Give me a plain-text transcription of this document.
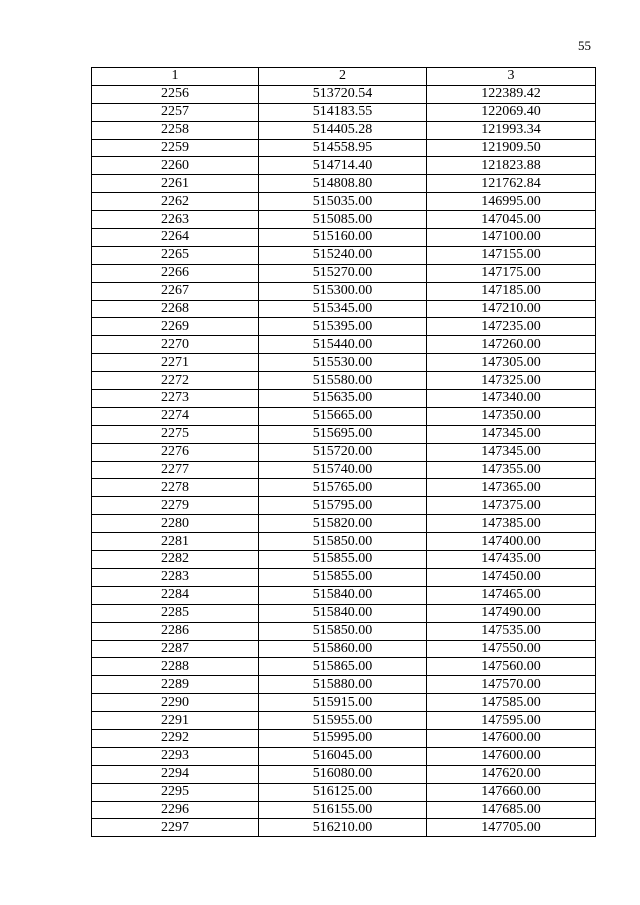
55
1	2	3
2256	513720.54	122389.42
2257	514183.55	122069.40
2258	514405.28	121993.34
2259	514558.95	121909.50
2260	514714.40	121823.88
2261	514808.80	121762.84
2262	515035.00	146995.00
2263	515085.00	147045.00
2264	515160.00	147100.00
2265	515240.00	147155.00
2266	515270.00	147175.00
2267	515300.00	147185.00
2268	515345.00	147210.00
2269	515395.00	147235.00
2270	515440.00	147260.00
2271	515530.00	147305.00
2272	515580.00	147325.00
2273	515635.00	147340.00
2274	515665.00	147350.00
2275	515695.00	147345.00
2276	515720.00	147345.00
2277	515740.00	147355.00
2278	515765.00	147365.00
2279	515795.00	147375.00
2280	515820.00	147385.00
2281	515850.00	147400.00
2282	515855.00	147435.00
2283	515855.00	147450.00
2284	515840.00	147465.00
2285	515840.00	147490.00
2286	515850.00	147535.00
2287	515860.00	147550.00
2288	515865.00	147560.00
2289	515880.00	147570.00
2290	515915.00	147585.00
2291	515955.00	147595.00
2292	515995.00	147600.00
2293	516045.00	147600.00
2294	516080.00	147620.00
2295	516125.00	147660.00
2296	516155.00	147685.00
2297	516210.00	147705.00
